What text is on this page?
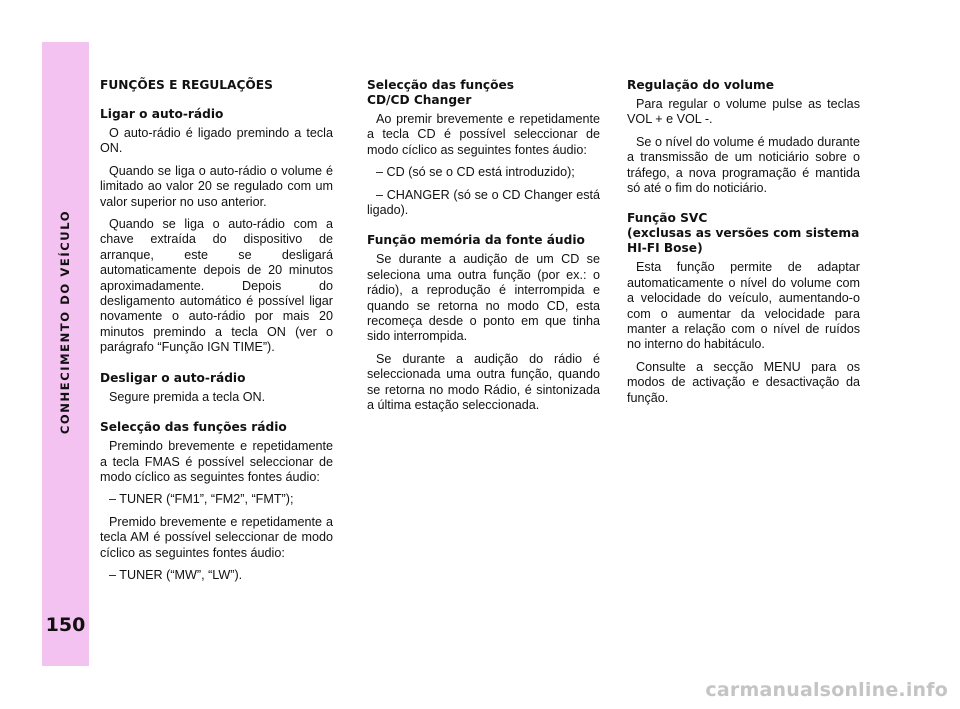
CONHECIMENTO DO VEÍCULO
150
FUNÇÕES E REGULAÇÕES
Ligar o auto-rádio

O auto-rádio é ligado premindo a tecla ON.

Quando se liga o auto-rádio o volume é limitado ao valor 20 se regulado com um valor superior no uso anterior.

Quando se liga o auto-rádio com a chave extraída do dispositivo de arranque, este se desligará automaticamente depois de 20 minutos aproximadamente. Depois do desligamento automático é possível ligar novamente o auto-rádio por mais 20 minutos premindo a tecla ON (ver o parágrafo “Função IGN TIME”).

Desligar o auto-rádio

Segure premida a tecla ON.

Selecção das funções rádio

Premindo brevemente e repetidamente a tecla FMAS é possível seleccionar de modo cíclico as seguintes fontes áudio:

– TUNER (“FM1”, “FM2”, “FMT”);

Premido brevemente e repetidamente a tecla AM é possível seleccionar de modo cíclico as seguintes fontes áudio:

– TUNER (“MW”, “LW”).

Selecção das funções
CD/CD Changer

Ao premir brevemente e repetidamente a tecla CD é possível seleccionar de modo cíclico as seguintes fontes áudio:

– CD (só se o CD está introduzido);

– CHANGER (só se o CD Changer está ligado).

Função memória da fonte áudio

Se durante a audição de um CD se seleciona uma outra função (por ex.: o rádio), a reprodução é interrompida e quando se retorna no modo CD, esta recomeça desde o ponto em que tinha sido interrompida.

Se durante a audição do rádio é seleccionada uma outra função, quando se retorna no modo Rádio, é sintonizada a última estação seleccionada.

Regulação do volume

Para regular o volume pulse as teclas VOL + e VOL -.

Se o nível do volume é mudado durante a transmissão de um noticiário sobre o tráfego, a nova programação é mantida só até o fim do noticiário.

Função SVC
(exclusas as versões com sistema
HI-FI Bose)

Esta função permite de adaptar automaticamente o nível do volume com a velocidade do veículo, aumentando-o com o aumentar da velocidade para manter a relação com o nível de ruídos no interno do habitáculo.

Consulte a secção MENU para os modos de activação e desactivação da função.

carmanualsonline.info
